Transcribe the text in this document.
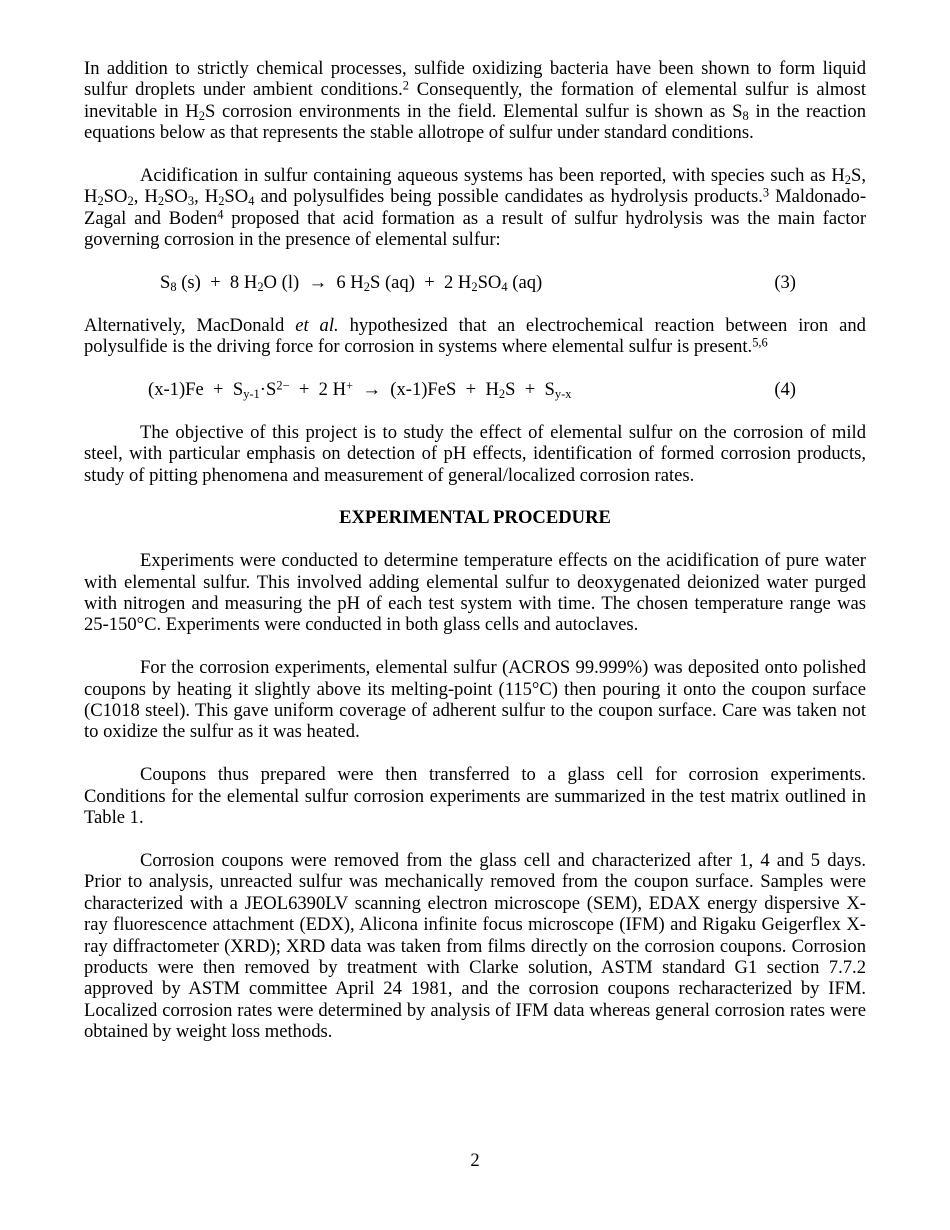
In addition to strictly chemical processes, sulfide oxidizing bacteria have been shown to form liquid sulfur droplets under ambient conditions.$^2$ Consequently, the formation of elemental sulfur is almost inevitable in $H_2S$ corrosion environments in the field. Elemental sulfur is shown as $S_8$ in the reaction equations below as that represents the stable allotrope of sulfur under standard conditions.

Acidification in sulfur containing aqueous systems has been reported, with species such as $H_2S$, $H_2SO_2$, $H_2SO_3$, $H_2SO_4$ and polysulfides being possible candidates as hydrolysis products.$^3$ Maldonado-Zagal and Boden$^4$ proposed that acid formation as a result of sulfur hydrolysis was the main factor governing corrosion in the presence of elemental sulfur:

$S_8$ (s)  +  8 $H_2O$ (l)  →  6 $H_2S$ (aq)  +  2 $H_2SO_4$ (aq)	(3)

Alternatively, MacDonald et al. hypothesized that an electrochemical reaction between iron and polysulfide is the driving force for corrosion in systems where elemental sulfur is present.$^{5,6}$

$(x-1)Fe + S_{y-1}\cdot S^{2-} + 2$ $H^+ \to (x-1)FeS + H_2S + S_{y-x}$	(4)

The objective of this project is to study the effect of elemental sulfur on the corrosion of mild steel, with particular emphasis on detection of pH effects, identification of formed corrosion products, study of pitting phenomena and measurement of general/localized corrosion rates.

EXPERIMENTAL PROCEDURE

Experiments were conducted to determine temperature effects on the acidification of pure water with elemental sulfur. This involved adding elemental sulfur to deoxygenated deionized water purged with nitrogen and measuring the pH of each test system with time. The chosen temperature range was 25-150°C. Experiments were conducted in both glass cells and autoclaves.

For the corrosion experiments, elemental sulfur (ACROS 99.999%) was deposited onto polished coupons by heating it slightly above its melting-point (115°C) then pouring it onto the coupon surface (C1018 steel). This gave uniform coverage of adherent sulfur to the coupon surface. Care was taken not to oxidize the sulfur as it was heated.

Coupons thus prepared were then transferred to a glass cell for corrosion experiments. Conditions for the elemental sulfur corrosion experiments are summarized in the test matrix outlined in Table 1.

Corrosion coupons were removed from the glass cell and characterized after 1, 4 and 5 days. Prior to analysis, unreacted sulfur was mechanically removed from the coupon surface. Samples were characterized with a JEOL6390LV scanning electron microscope (SEM), EDAX energy dispersive X-ray fluorescence attachment (EDX), Alicona infinite focus microscope (IFM) and Rigaku Geigerflex X-ray diffractometer (XRD); XRD data was taken from films directly on the corrosion coupons. Corrosion products were then removed by treatment with Clarke solution, ASTM standard G1 section 7.7.2 approved by ASTM committee April 24 1981, and the corrosion coupons recharacterized by IFM. Localized corrosion rates were determined by analysis of IFM data whereas general corrosion rates were obtained by weight loss methods.

2
